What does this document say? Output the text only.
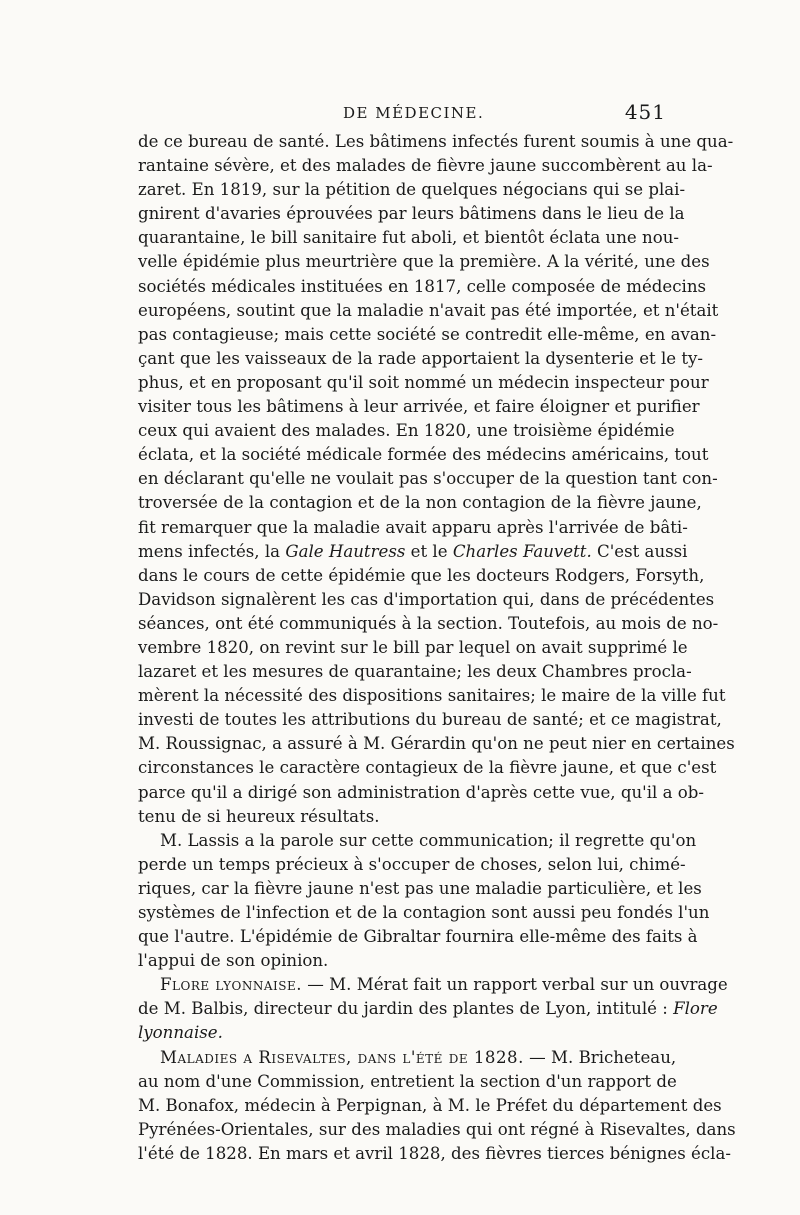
DE MÉDECINE.	451
de ce bureau de santé. Les bâtimens infectés furent soumis à une qua-
rantaine sévère, et des malades de fièvre jaune succombèrent au la-
zaret. En 1819, sur la pétition de quelques négocians qui se plai-
gnirent d'avaries éprouvées par leurs bâtimens dans le lieu de la
quarantaine, le bill sanitaire fut aboli, et bientôt éclata une nou-
velle épidémie plus meurtrière que la première. A la vérité, une des
sociétés médicales instituées en 1817, celle composée de médecins
européens, soutint que la maladie n'avait pas été importée, et n'était
pas contagieuse; mais cette société se contredit elle-même, en avan-
çant que les vaisseaux de la rade apportaient la dysenterie et le ty-
phus, et en proposant qu'il soit nommé un médecin inspecteur pour
visiter tous les bâtimens à leur arrivée, et faire éloigner et purifier
ceux qui avaient des malades. En 1820, une troisième épidémie
éclata, et la société médicale formée des médecins américains, tout
en déclarant qu'elle ne voulait pas s'occuper de la question tant con-
troversée de la contagion et de la non contagion de la fièvre jaune,
fit remarquer que la maladie avait apparu après l'arrivée de bâti-
mens infectés, la Gale Hautress et le Charles Fauvett. C'est aussi
dans le cours de cette épidémie que les docteurs Rodgers, Forsyth,
Davidson signalèrent les cas d'importation qui, dans de précédentes
séances, ont été communiqués à la section. Toutefois, au mois de no-
vembre 1820, on revint sur le bill par lequel on avait supprimé le
lazaret et les mesures de quarantaine; les deux Chambres procla-
mèrent la nécessité des dispositions sanitaires; le maire de la ville fut
investi de toutes les attributions du bureau de santé; et ce magistrat,
M. Roussignac, a assuré à M. Gérardin qu'on ne peut nier en certaines
circonstances le caractère contagieux de la fièvre jaune, et que c'est
parce qu'il a dirigé son administration d'après cette vue, qu'il a ob-
tenu de si heureux résultats.
M. Lassis a la parole sur cette communication; il regrette qu'on
perde un temps précieux à s'occuper de choses, selon lui, chimé-
riques, car la fièvre jaune n'est pas une maladie particulière, et les
systèmes de l'infection et de la contagion sont aussi peu fondés l'un
que l'autre. L'épidémie de Gibraltar fournira elle-même des faits à
l'appui de son opinion.
Flore lyonnaise. — M. Mérat fait un rapport verbal sur un ouvrage
de M. Balbis, directeur du jardin des plantes de Lyon, intitulé : Flore
lyonnaise.
Maladies a Risevaltes, dans l'été de 1828. — M. Bricheteau,
au nom d'une Commission, entretient la section d'un rapport de
M. Bonafox, médecin à Perpignan, à M. le Préfet du département des
Pyrénées-Orientales, sur des maladies qui ont régné à Risevaltes, dans
l'été de 1828. En mars et avril 1828, des fièvres tierces bénignes écla-
